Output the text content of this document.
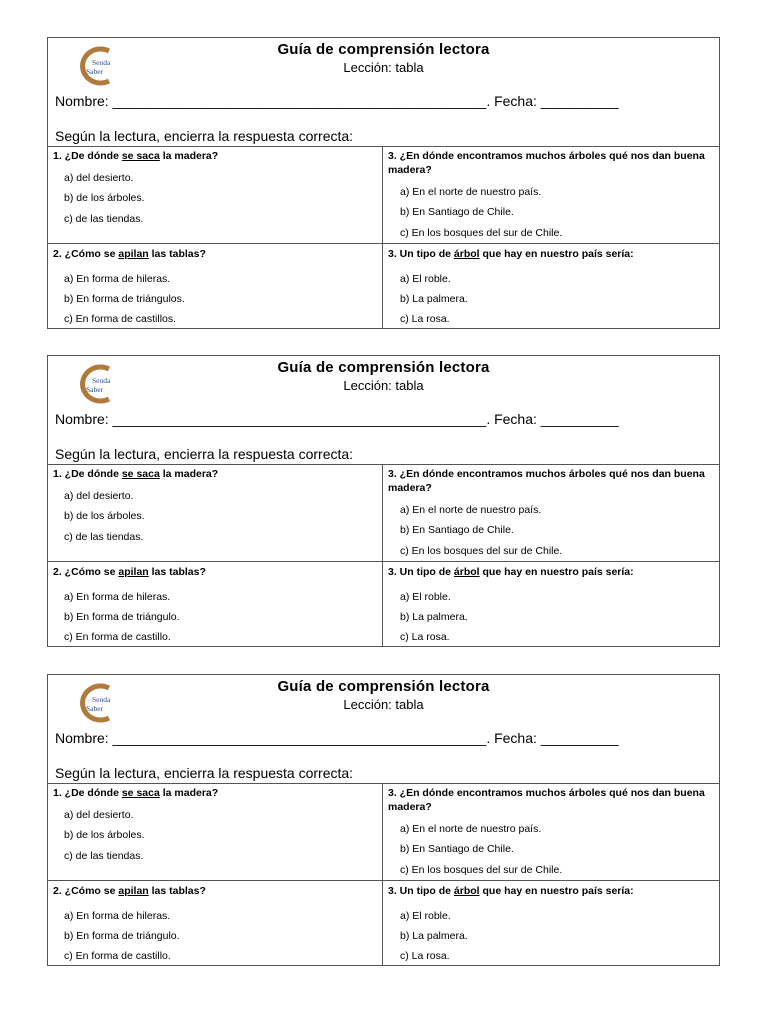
Senda
Saber
Guía de comprensión lectora
Lección: tabla
Nombre: ________________________________________________. Fecha: __________
Según la lectura, encierra la respuesta correcta:
1. ¿De dónde se saca la madera?
a) del desierto.
b) de los árboles.
c) de las tiendas.
3. ¿En dónde encontramos muchos árboles qué nos dan buena madera?
a) En el norte de nuestro país.
b) En Santiago de Chile.
c) En los bosques del sur de Chile.
2. ¿Cómo se apilan las tablas?
a) En forma de hileras.
b) En forma de triángulos.
c) En forma de castillos.
3. Un tipo de árbol que hay en nuestro país sería:
a) El roble.
b) La palmera.
c) La rosa.
Senda
Saber
Guía de comprensión lectora
Lección: tabla
Nombre: ________________________________________________. Fecha: __________
Según la lectura, encierra la respuesta correcta:
1. ¿De dónde se saca la madera?
a) del desierto.
b) de los árboles.
c) de las tiendas.
3. ¿En dónde encontramos muchos árboles qué nos dan buena madera?
a) En el norte de nuestro país.
b) En Santiago de Chile.
c) En los bosques del sur de Chile.
2. ¿Cómo se apilan las tablas?
a) En forma de hileras.
b) En forma de triángulo.
c) En forma de castillo.
3. Un tipo de árbol que hay en nuestro país sería:
a) El roble.
b) La palmera.
c) La rosa.
Senda
Saber
Guía de comprensión lectora
Lección: tabla
Nombre: ________________________________________________. Fecha: __________
Según la lectura, encierra la respuesta correcta:
1. ¿De dónde se saca la madera?
a) del desierto.
b) de los árboles.
c) de las tiendas.
3. ¿En dónde encontramos muchos árboles qué nos dan buena madera?
a) En el norte de nuestro país.
b) En Santiago de Chile.
c) En los bosques del sur de Chile.
2. ¿Cómo se apilan las tablas?
a) En forma de hileras.
b) En forma de triángulo.
c) En forma de castillo.
3. Un tipo de árbol que hay en nuestro país sería:
a) El roble.
b) La palmera.
c) La rosa.
